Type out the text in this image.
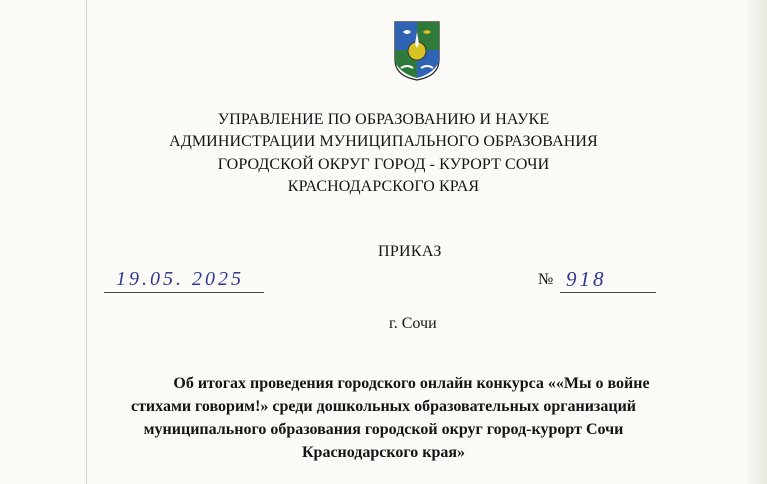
УПРАВЛЕНИЕ ПО ОБРАЗОВАНИЮ И НАУКЕ
АДМИНИСТРАЦИИ МУНИЦИПАЛЬНОГО ОБРАЗОВАНИЯ
ГОРОДСКОЙ ОКРУГ ГОРОД - КУРОРТ СОЧИ
КРАСНОДАРСКОГО КРАЯ
ПРИКАЗ
19.05. 2025	№ 918
г. Сочи
Об итогах проведения городского онлайн конкурса ««Мы о войне
стихами говорим!» среди дошкольных образовательных организаций
муниципального образования городской округ город-курорт Сочи
Краснодарского края»
